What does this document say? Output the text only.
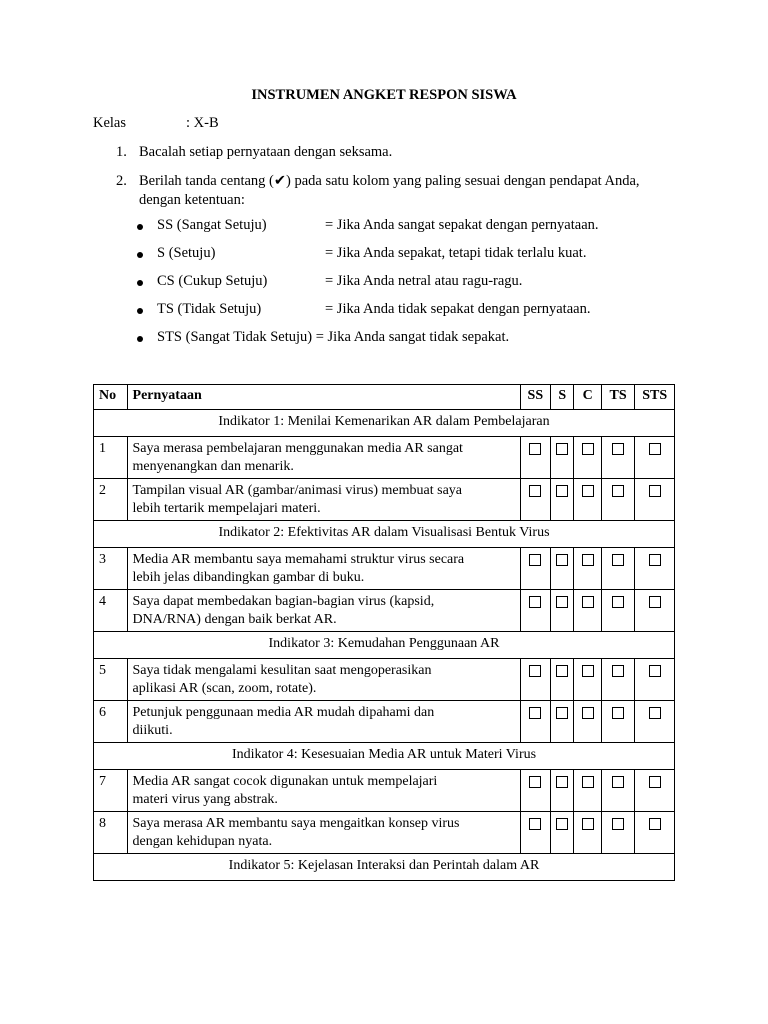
INSTRUMEN ANGKET RESPON SISWA
Kelas	: X-B
1. Bacalah setiap pernyataan dengan seksama.
2. Berilah tanda centang (✔) pada satu kolom yang paling sesuai dengan pendapat Anda, dengan ketentuan:
SS (Sangat Setuju)	= Jika Anda sangat sepakat dengan pernyataan.
S (Setuju)	= Jika Anda sepakat, tetapi tidak terlalu kuat.
CS (Cukup Setuju)	= Jika Anda netral atau ragu-ragu.
TS (Tidak Setuju)	= Jika Anda tidak sepakat dengan pernyataan.
STS (Sangat Tidak Setuju) = Jika Anda sangat tidak sepakat.
No	Pernyataan	SS	S	C	TS	STS
Indikator 1: Menilai Kemenarikan AR dalam Pembelajaran						
1	Saya merasa pembelajaran menggunakan media AR sangat
menyenangkan dan menarik.					
2	Tampilan visual AR (gambar/animasi virus) membuat saya
lebih tertarik mempelajari materi.					
Indikator 2: Efektivitas AR dalam Visualisasi Bentuk Virus						
3	Media AR membantu saya memahami struktur virus secara
lebih jelas dibandingkan gambar di buku.					
4	Saya dapat membedakan bagian-bagian virus (kapsid,
DNA/RNA) dengan baik berkat AR.					
Indikator 3: Kemudahan Penggunaan AR						
5	Saya tidak mengalami kesulitan saat mengoperasikan
aplikasi AR (scan, zoom, rotate).					
6	Petunjuk penggunaan media AR mudah dipahami dan
diikuti.					
Indikator 4: Kesesuaian Media AR untuk Materi Virus						
7	Media AR sangat cocok digunakan untuk mempelajari
materi virus yang abstrak.					
8	Saya merasa AR membantu saya mengaitkan konsep virus
dengan kehidupan nyata.					
Indikator 5: Kejelasan Interaksi dan Perintah dalam AR						
